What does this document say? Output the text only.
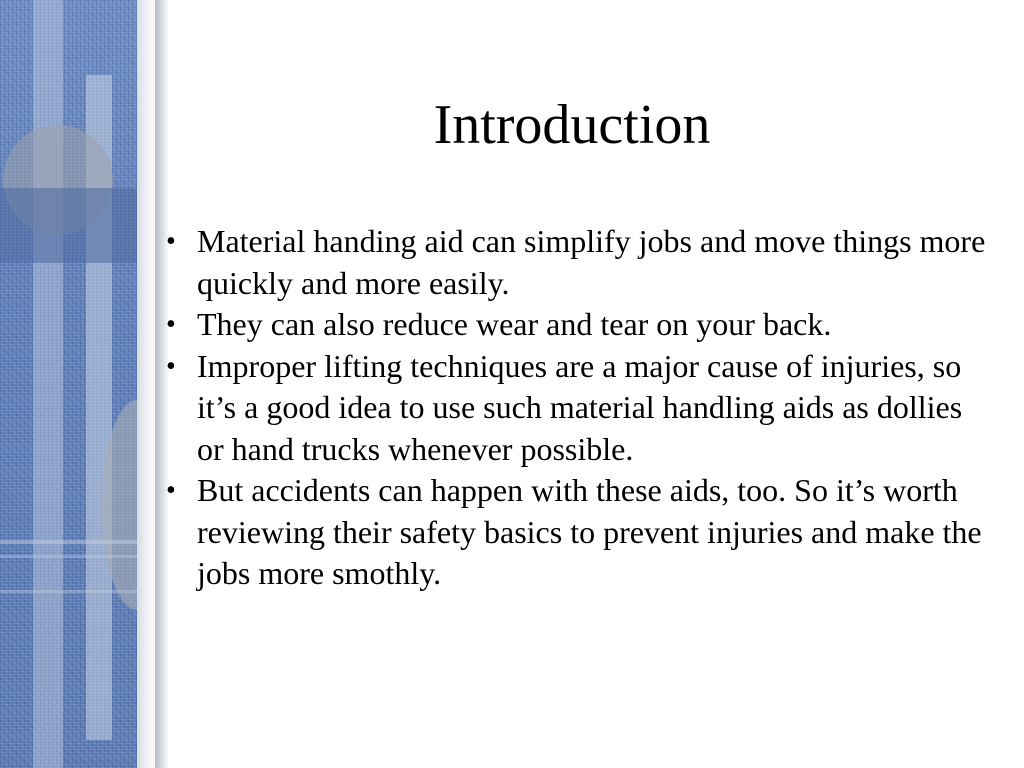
Introduction
• Material handing aid can simplify jobs and move things more quickly and more easily.
• They can also reduce wear and tear on your back.
• Improper lifting techniques are a major cause of injuries, so it’s a good idea to use such material handling aids as dollies or hand trucks whenever possible.
• But accidents can happen with these aids, too. So it’s worth reviewing their safety basics to prevent injuries and make the jobs more smothly.
